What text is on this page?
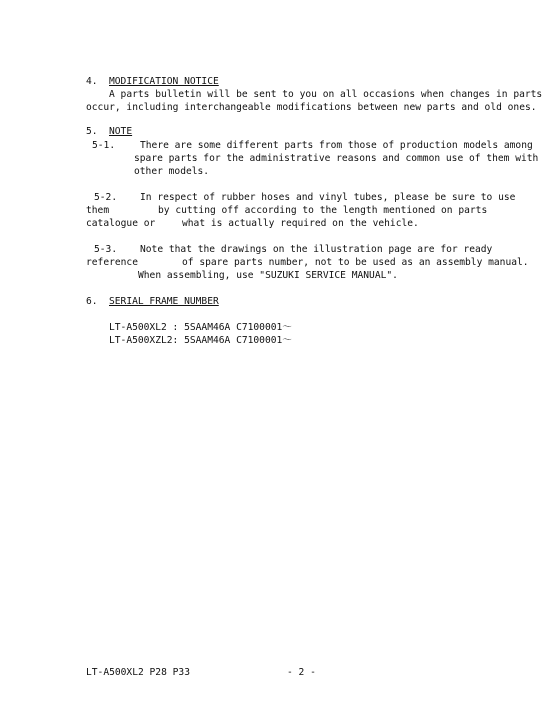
4. MODIFICATION NOTICE
A parts bulletin will be sent to you on all occasions when changes in parts
occur, including interchangeable modifications between new parts and old ones.
5. NOTE
5-1.	There are some different parts from those of production models among
spare parts for the administrative reasons and common use of them with
other models.
5-2. In respect of rubber hoses and vinyl tubes, please be sure to use
them	by cutting off according to the length mentioned on parts
catalogue or	what is actually required on the vehicle.
5-3. Note that the drawings on the illustration page are for ready
reference	of spare parts number, not to be used as an assembly manual.
When assembling, use "SUZUKI SERVICE MANUAL".
6. SERIAL FRAME NUMBER
LT-A500XL2 : 5SAAM46A C7100001～
LT-A500XZL2: 5SAAM46A C7100001～
LT-A500XL2 P28 P33	- 2 -
